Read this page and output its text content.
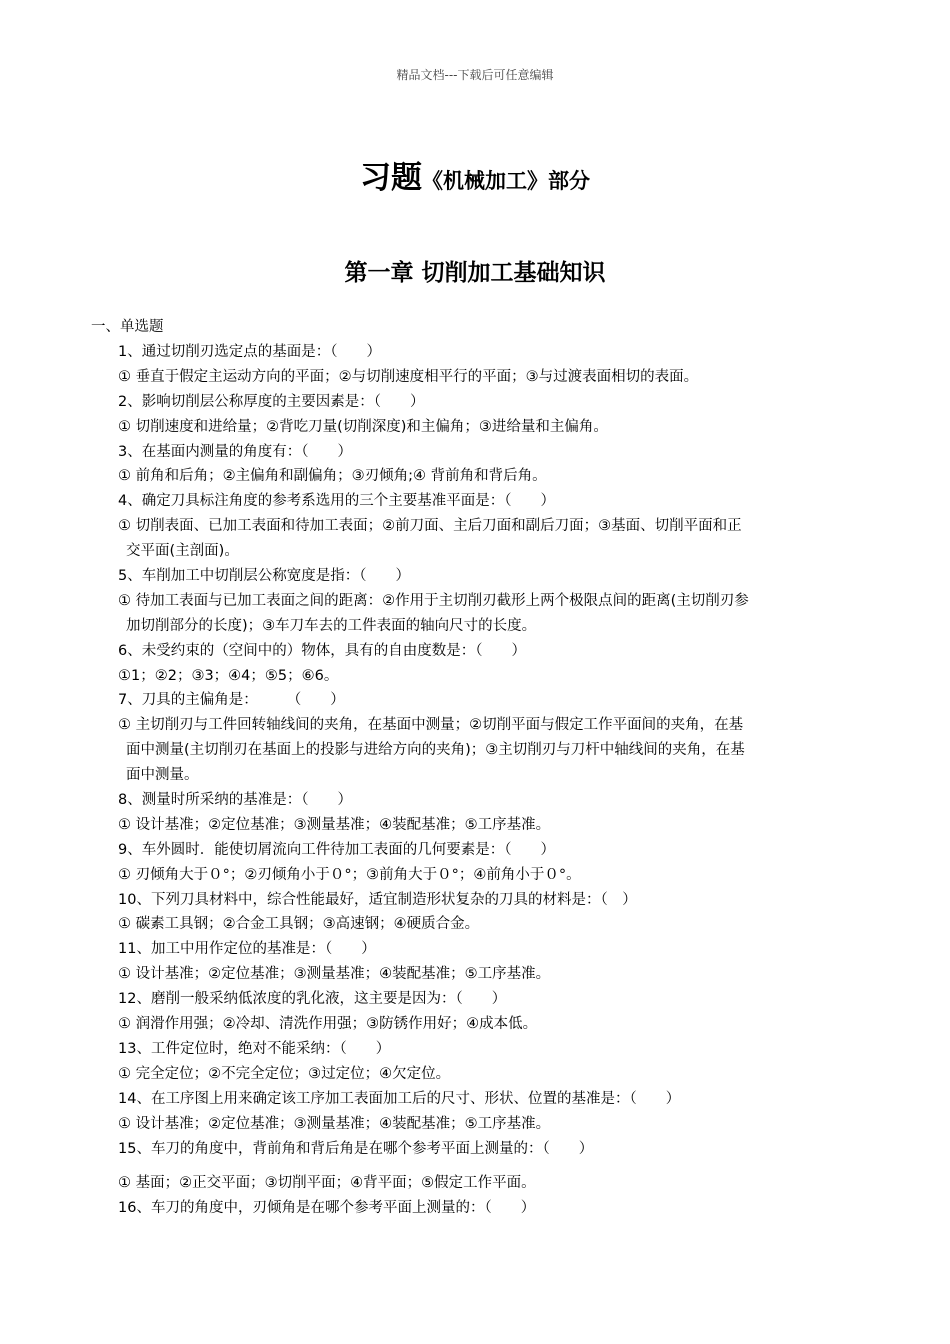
精品文档---下载后可任意编辑
习题《机械加工》部分
第一章 切削加工基础知识
一、单选题
1、通过切削刃选定点的基面是：（　　）
① 垂直于假定主运动方向的平面；②与切削速度相平行的平面；③与过渡表面相切的表面。
2、影响切削层公称厚度的主要因素是：（　　）
① 切削速度和进给量；②背吃刀量(切削深度)和主偏角；③进给量和主偏角。
3、在基面内测量的角度有：（　　）
① 前角和后角；②主偏角和副偏角；③刃倾角;④ 背前角和背后角。
4、确定刀具标注角度的参考系选用的三个主要基准平面是：（　　）
① 切削表面、已加工表面和待加工表面；②前刀面、主后刀面和副后刀面；③基面、切削平面和正
交平面(主剖面)。
5、车削加工中切削层公称宽度是指：（　　）
① 待加工表面与已加工表面之间的距离：②作用于主切削刃截形上两个极限点间的距离(主切削刃参
加切削部分的长度)；③车刀车去的工件表面的轴向尺寸的长度。
6、未受约束的（空间中的）物体，具有的自由度数是：（　　）
①1；②2；③3；④4；⑤5；⑥6。
7、刀具的主偏角是：　　　（　　）
① 主切削刃与工件回转轴线间的夹角，在基面中测量；②切削平面与假定工作平面间的夹角，在基
面中测量(主切削刃在基面上的投影与进给方向的夹角)；③主切削刃与刀杆中轴线间的夹角，在基
面中测量。
8、测量时所采纳的基准是：（　　）
① 设计基准；②定位基准；③测量基准；④装配基准；⑤工序基准。
9、车外圆时．能使切屑流向工件待加工表面的几何要素是：（　　）
① 刃倾角大于０°；②刃倾角小于０°；③前角大于０°；④前角小于０°。
10、下列刀具材料中，综合性能最好，适宜制造形状复杂的刀具的材料是：（　）
① 碳素工具钢；②合金工具钢；③高速钢；④硬质合金。
11、加工中用作定位的基准是：（　　）
① 设计基准；②定位基准；③测量基准；④装配基准；⑤工序基准。
12、磨削一般采纳低浓度的乳化液，这主要是因为：（　　）
① 润滑作用强；②冷却、清洗作用强；③防锈作用好；④成本低。
13、工件定位时，绝对不能采纳：（　　）
① 完全定位；②不完全定位；③过定位；④欠定位。
14、在工序图上用来确定该工序加工表面加工后的尺寸、形状、位置的基准是：（　　）
① 设计基准；②定位基准；③测量基准；④装配基准；⑤工序基准。
15、车刀的角度中，背前角和背后角是在哪个参考平面上测量的：（　　）
① 基面；②正交平面；③切削平面；④背平面；⑤假定工作平面。
16、车刀的角度中，刃倾角是在哪个参考平面上测量的：（　　）
